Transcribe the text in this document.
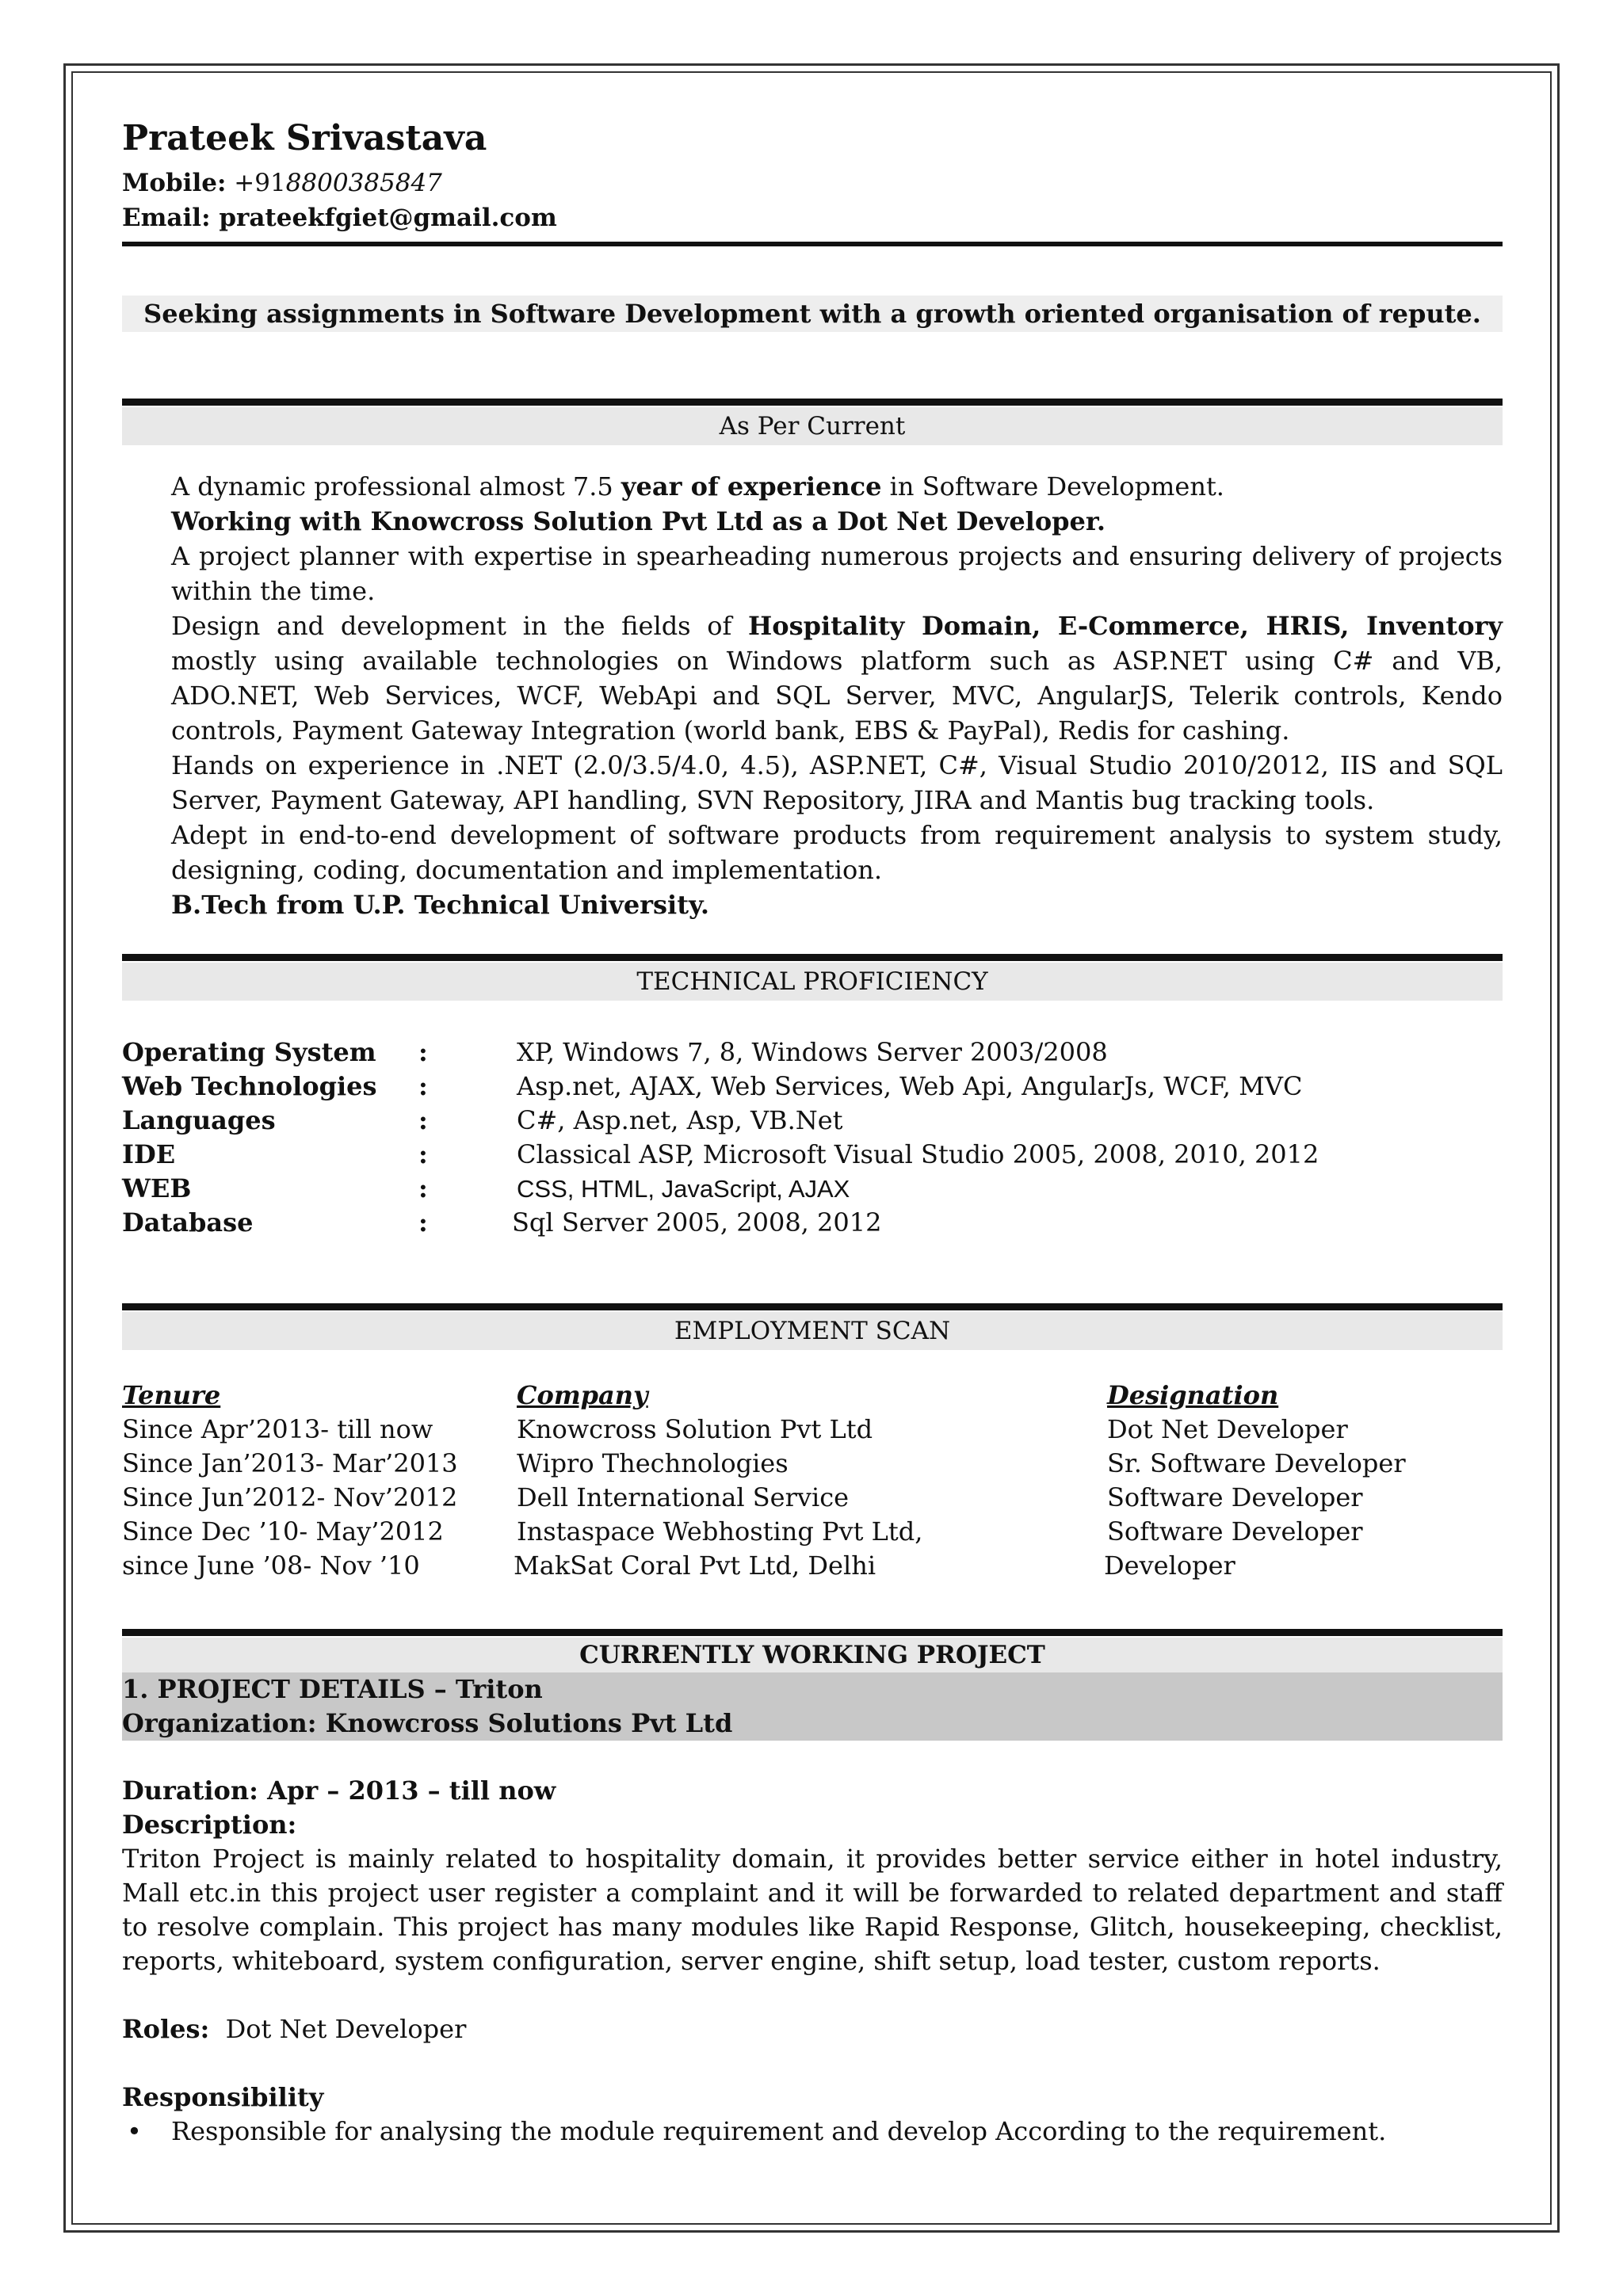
Prateek Srivastava
Mobile: +918800385847
Email: prateekfgiet@gmail.com
Seeking assignments in Software Development with a growth oriented organisation of repute.
As Per Current
A dynamic professional almost 7.5 year of experience in Software Development.
Working with Knowcross Solution Pvt Ltd as a Dot Net Developer.
A project planner with expertise in spearheading numerous projects and ensuring delivery of projects within the time.
Design and development in the fields of Hospitality Domain, E-Commerce, HRIS, Inventory mostly using available technologies on Windows platform such as ASP.NET using C# and VB, ADO.NET, Web Services, WCF, WebApi and SQL Server, MVC, AngularJS, Telerik controls, Kendo controls, Payment Gateway Integration (world bank, EBS & PayPal), Redis for cashing.
Hands on experience in .NET (2.0/3.5/4.0, 4.5), ASP.NET, C#, Visual Studio 2010/2012, IIS and SQL Server, Payment Gateway, API handling, SVN Repository, JIRA and Mantis bug tracking tools.
Adept in end-to-end development of software products from requirement analysis to system study, designing, coding, documentation and implementation.
B.Tech from U.P. Technical University.
TECHNICAL PROFICIENCY
Operating System	:	XP, Windows 7, 8, Windows Server 2003/2008
Web Technologies	:	Asp.net, AJAX, Web Services, Web Api, AngularJs, WCF, MVC
Languages	:	C#, Asp.net, Asp, VB.Net
IDE	:	Classical ASP, Microsoft Visual Studio 2005, 2008, 2010, 2012
WEB	:	CSS, HTML, JavaScript, AJAX
Database	:	Sql Server 2005, 2008, 2012
EMPLOYMENT SCAN
Tenure	Company	Designation
Since Apr’2013- till now	Knowcross Solution Pvt Ltd	Dot Net Developer
Since Jan’2013- Mar’2013	Wipro Thechnologies	Sr. Software Developer
Since Jun’2012- Nov’2012	Dell International Service	Software Developer
Since Dec ’10- May’2012	Instaspace Webhosting Pvt Ltd,	Software Developer
since June ’08- Nov ’10	MakSat Coral Pvt Ltd, Delhi	Developer
CURRENTLY WORKING PROJECT
1. PROJECT DETAILS – Triton
Organization: Knowcross Solutions Pvt Ltd
Duration: Apr – 2013 – till now
Description:

Triton Project is mainly related to hospitality domain, it provides better service either in hotel industry, Mall etc.in this project user register a complaint and it will be forwarded to related department and staff to resolve complain. This project has many modules like Rapid Response, Glitch, housekeeping, checklist, reports, whiteboard, system configuration, server engine, shift setup, load tester, custom reports.

Roles: Dot Net Developer
Responsibility
• Responsible for analysing the module requirement and develop According to the requirement.
